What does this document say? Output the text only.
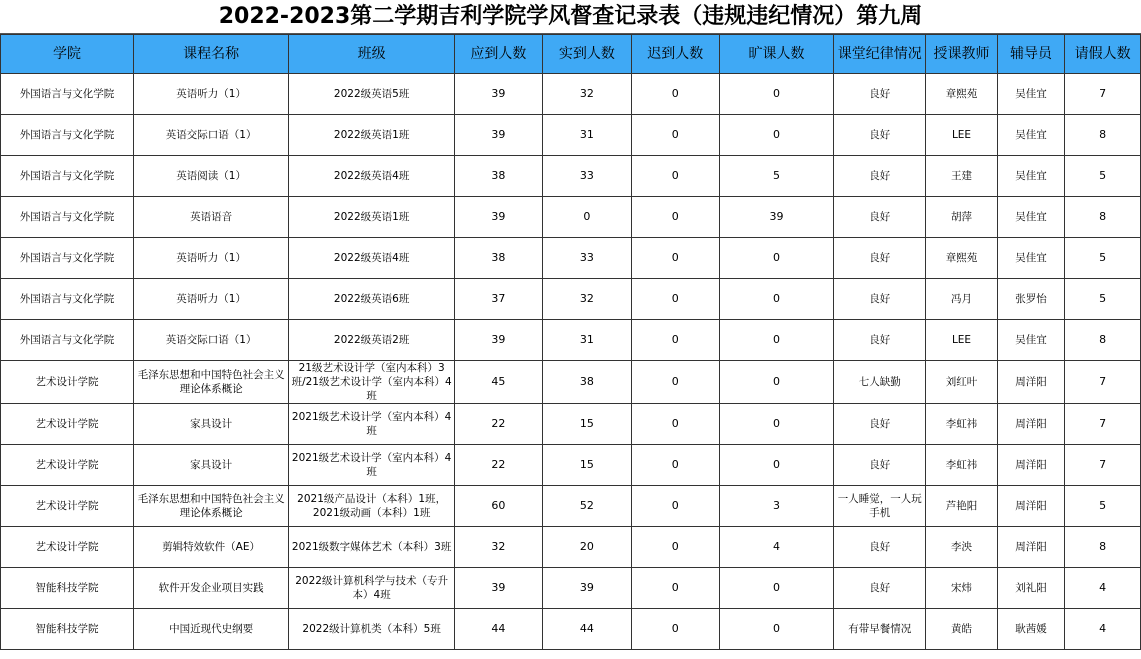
2022-2023第二学期吉利学院学风督查记录表（违规违纪情况）第九周
学院	课程名称	班级	应到人数	实到人数	迟到人数	旷课人数	课堂纪律情况	授课教师	辅导员	请假人数
外国语言与文化学院	英语听力（1）	2022级英语5班	39	32	0	0	良好	章熙苑	吴佳宜	7
外国语言与文化学院	英语交际口语（1）	2022级英语1班	39	31	0	0	良好	LEE	吴佳宜	8
外国语言与文化学院	英语阅读（1）	2022级英语4班	38	33	0	5	良好	王建	吴佳宜	5
外国语言与文化学院	英语语音	2022级英语1班	39	0	0	39	良好	胡萍	吴佳宜	8
外国语言与文化学院	英语听力（1）	2022级英语4班	38	33	0	0	良好	章熙苑	吴佳宜	5
外国语言与文化学院	英语听力（1）	2022级英语6班	37	32	0	0	良好	冯月	张罗怡	5
外国语言与文化学院	英语交际口语（1）	2022级英语2班	39	31	0	0	良好	LEE	吴佳宜	8
艺术设计学院	毛泽东思想和中国特色社会主义理论体系概论	21级艺术设计学（室内本科）3班/21级艺术设计学（室内本科）4班	45	38	0	0	七人缺勤	刘红叶	周洋阳	7
艺术设计学院	家具设计	2021级艺术设计学（室内本科）4班	22	15	0	0	良好	李虹祎	周洋阳	7
艺术设计学院	家具设计	2021级艺术设计学（室内本科）4班	22	15	0	0	良好	李虹祎	周洋阳	7
艺术设计学院	毛泽东思想和中国特色社会主义理论体系概论	2021级产品设计（本科）1班，2021级动画（本科）1班	60	52	0	3	一人睡觉，一人玩手机	芦艳阳	周洋阳	5
艺术设计学院	剪辑特效软件（AE）	2021级数字媒体艺术（本科）3班	32	20	0	4	良好	李泱	周洋阳	8
智能科技学院	软件开发企业项目实践	2022级计算机科学与技术（专升本）4班	39	39	0	0	良好	宋炜	刘礼阳	4
智能科技学院	中国近现代史纲要	2022级计算机类（本科）5班	44	44	0	0	有带早餐情况	黄皓	耿茜媛	4
